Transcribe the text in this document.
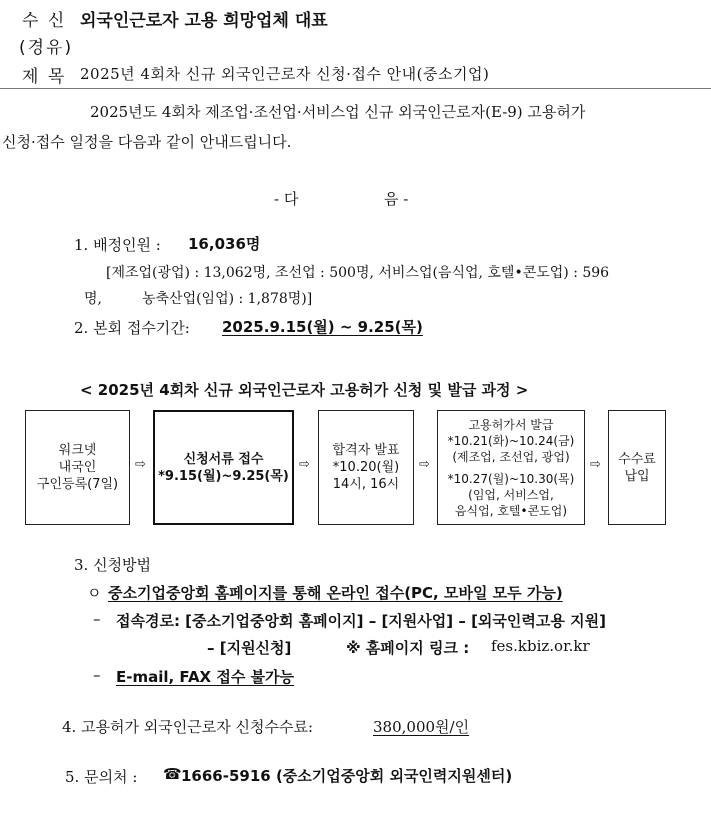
수 신 외국인근로자 고용 희망업체 대표
(경유)
제 목 2025년 4회차 신규 외국인근로자 신청·접수 안내(중소기업)
2025년도 4회차 제조업·조선업·서비스업 신규 외국인근로자(E-9) 고용허가
신청·접수 일정을 다음과 같이 안내드립니다.
- 다	음 -
1. 배정인원 : 16,036명
[제조업(광업) : 13,062명, 조선업 : 500명, 서비스업(음식업, 호텔•콘도업) : 596
명,	농축산업(임업) : 1,878명)]
2. 본회 접수기간: 2025.9.15(월) ~ 9.25(목)
< 2025년 4회차 신규 외국인근로자 고용허가 신청 및 발급 과정 >
워크넷
내국인
구인등록(7일)
⇨	신청서류 접수
*9.15(월)~9.25(목)
⇨
합격자 발표
*10.20(월)
14시, 16시
⇨
고용허가서 발급
*10.21(화)~10.24(금)
(제조업, 조선업, 광업)
*10.27(월)~10.30(목)
(임업, 서비스업,
음식업, 호텔•콘도업)
⇨ 수수료
납입
3. 신청방법
ㅇ 중소기업중앙회 홈페이지를 통해 온라인 접수(PC, 모바일 모두 가능)
– 접속경로: [중소기업중앙회 홈페이지] – [지원사업] – [외국인력고용 지원]
– [지원신청]	※ 홈페이지 링크 : fes.kbiz.or.kr
– E-mail, FAX 접수 불가능
4. 고용허가 외국인근로자 신청수수료:	380,000원/인
5. 문의처 : ☎ 1666-5916 (중소기업중앙회 외국인력지원센터)
